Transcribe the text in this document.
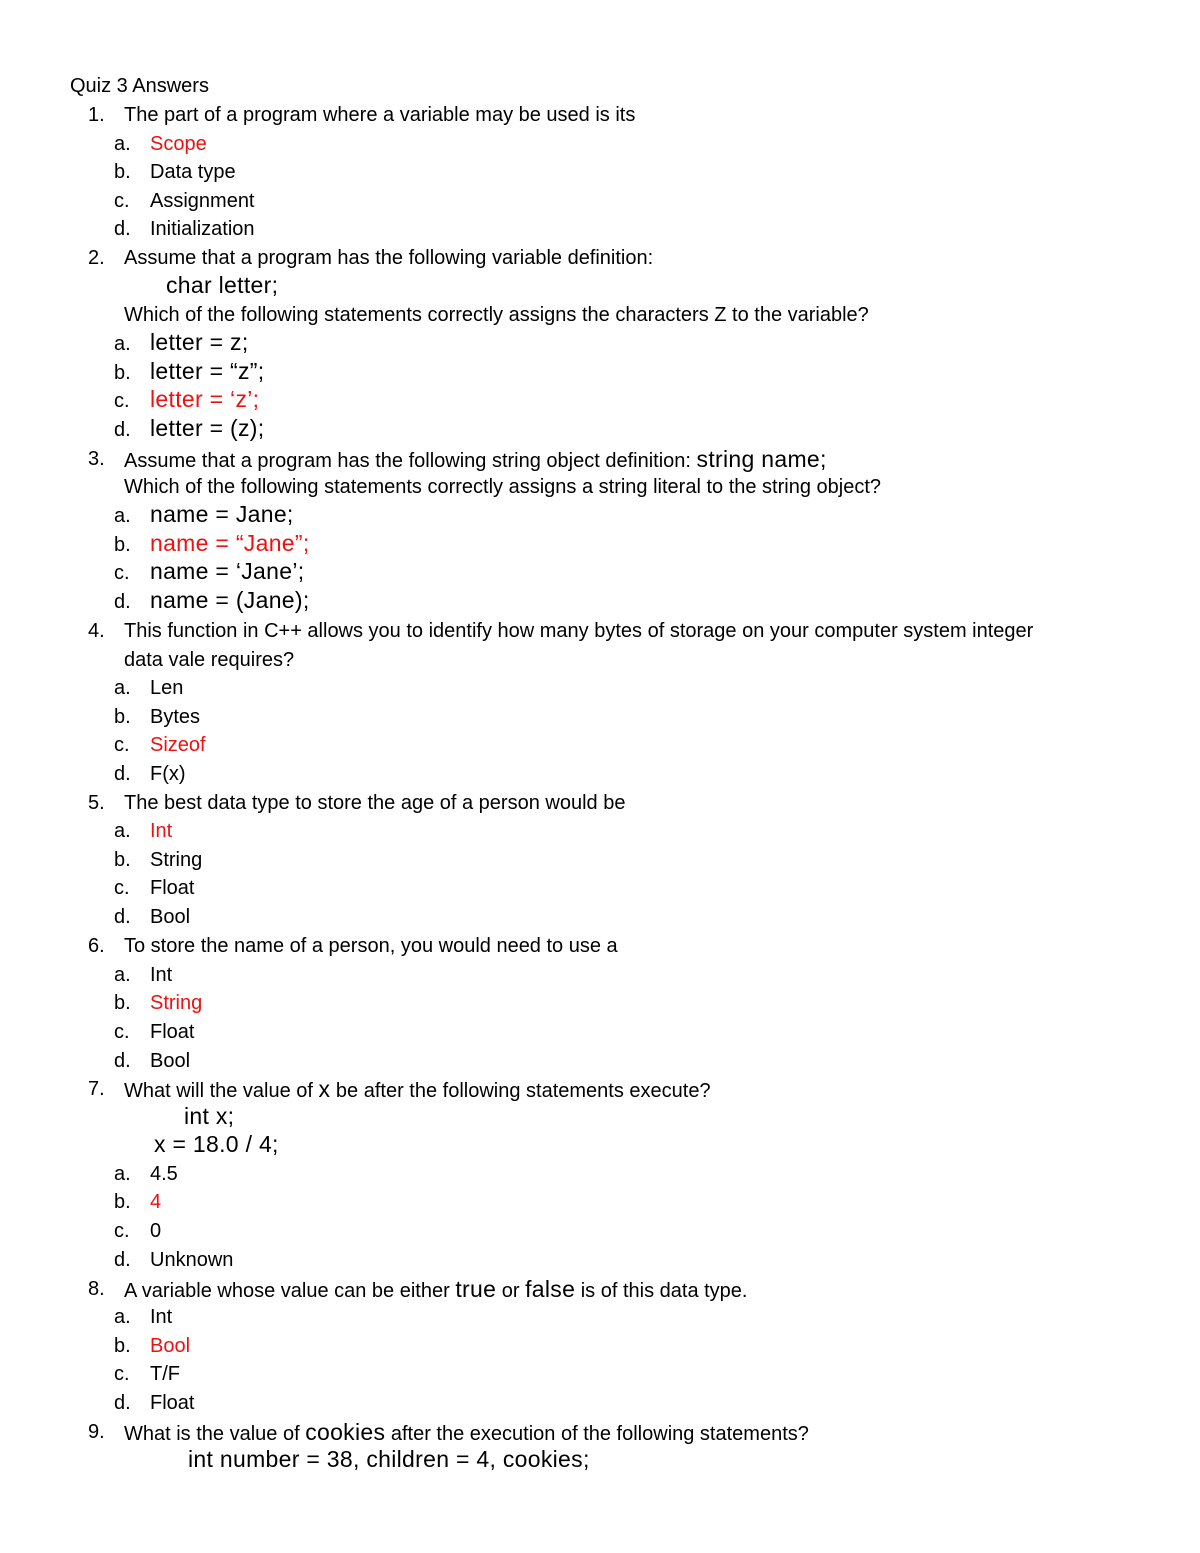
Quiz 3 Answers
1. The part of a program where a variable may be used is its
a. Scope
b. Data type
c. Assignment
d. Initialization
2. Assume that a program has the following variable definition:
char letter;
Which of the following statements correctly assigns the characters Z to the variable?
a. letter = z;
b. letter = “z”;
c. letter = ‘z’;
d. letter = (z);
3. Assume that a program has the following string object definition: string name;
Which of the following statements correctly assigns a string literal to the string object?
a. name = Jane;
b. name = “Jane”;
c. name = ‘Jane’;
d. name = (Jane);
4. This function in C++ allows you to identify how many bytes of storage on your computer system integer
data vale requires?
a. Len
b. Bytes
c. Sizeof
d. F(x)
5. The best data type to store the age of a person would be
a. Int
b. String
c. Float
d. Bool
6. To store the name of a person, you would need to use a
a. Int
b. String
c. Float
d. Bool
7. What will the value of x be after the following statements execute?
int x;
x = 18.0 / 4;
a. 4.5
b. 4
c. 0
d. Unknown
8. A variable whose value can be either true or false is of this data type.
a. Int
b. Bool
c. T/F
d. Float
9. What is the value of cookies after the execution of the following statements?
int number = 38, children = 4, cookies;
